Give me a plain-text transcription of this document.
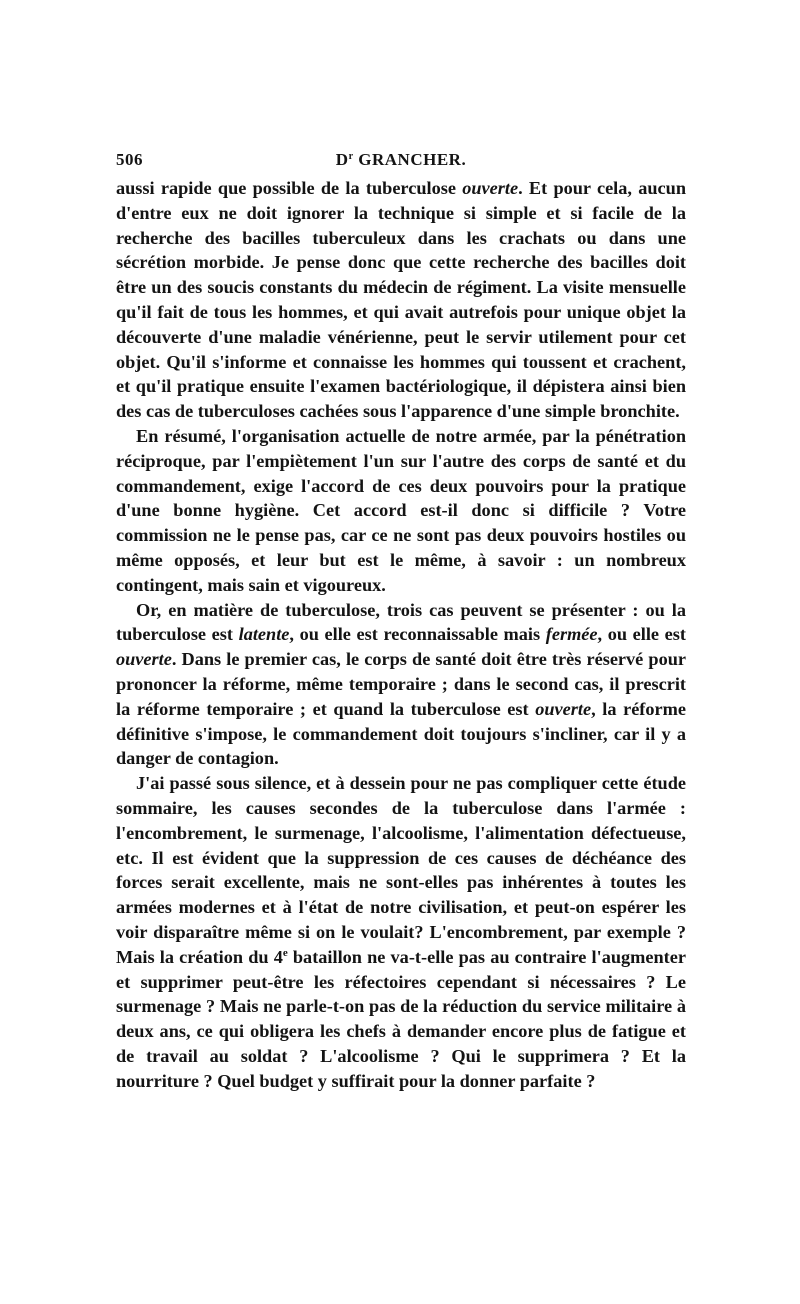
506	$D^r$ GRANCHER.

aussi rapide que possible de la tuberculose ouverte. Et pour cela, aucun d'entre eux ne doit ignorer la technique si simple et si facile de la recherche des bacilles tuberculeux dans les crachats ou dans une sécrétion morbide. Je pense donc que cette recherche des bacilles doit être un des soucis constants du médecin de régiment. La visite mensuelle qu'il fait de tous les hommes, et qui avait autrefois pour unique objet la découverte d'une maladie vénérienne, peut le servir utilement pour cet objet. Qu'il s'informe et connaisse les hommes qui toussent et crachent, et qu'il pratique ensuite l'examen bactériologique, il dépistera ainsi bien des cas de tuberculoses cachées sous l'apparence d'une simple bronchite.

En résumé, l'organisation actuelle de notre armée, par la pénétration réciproque, par l'empiètement l'un sur l'autre des corps de santé et du commandement, exige l'accord de ces deux pouvoirs pour la pratique d'une bonne hygiène. Cet accord est-il donc si difficile ? Votre commission ne le pense pas, car ce ne sont pas deux pouvoirs hostiles ou même opposés, et leur but est le même, à savoir : un nombreux contingent, mais sain et vigoureux.

Or, en matière de tuberculose, trois cas peuvent se présenter : ou la tuberculose est latente, ou elle est reconnaissable mais fermée, ou elle est ouverte. Dans le premier cas, le corps de santé doit être très réservé pour prononcer la réforme, même temporaire ; dans le second cas, il prescrit la réforme temporaire ; et quand la tuberculose est ouverte, la réforme définitive s'impose, le commandement doit toujours s'incliner, car il y a danger de contagion.

J'ai passé sous silence, et à dessein pour ne pas compliquer cette étude sommaire, les causes secondes de la tuberculose dans l'armée : l'encombrement, le surmenage, l'alcoolisme, l'alimentation défectueuse, etc. Il est évident que la suppression de ces causes de déchéance des forces serait excellente, mais ne sont-elles pas inhérentes à toutes les armées modernes et à l'état de notre civilisation, et peut-on espérer les voir disparaître même si on le voulait? L'encombrement, par exemple ? Mais la création du 4e bataillon ne va-t-elle pas au contraire l'augmenter et supprimer peut-être les réfectoires cependant si nécessaires ? Le surmenage ? Mais ne parle-t-on pas de la réduction du service militaire à deux ans, ce qui obligera les chefs à demander encore plus de fatigue et de travail au soldat ? L'alcoolisme ? Qui le supprimera ? Et la nourriture ? Quel budget y suffirait pour la donner parfaite ?
